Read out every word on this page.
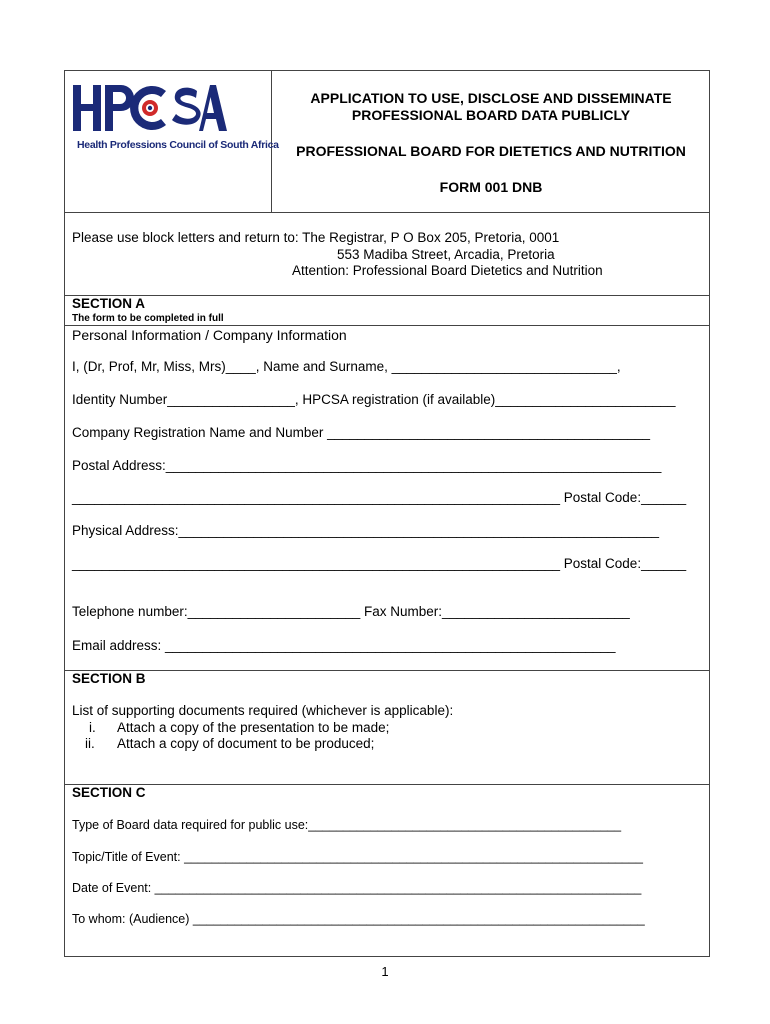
Health Professions Council of South Africa
APPLICATION TO USE, DISCLOSE AND DISSEMINATE
PROFESSIONAL BOARD DATA PUBLICLY
PROFESSIONAL BOARD FOR DIETETICS AND NUTRITION
FORM 001 DNB
Please use block letters and return to: The Registrar, P O Box 205, Pretoria, 0001
553 Madiba Street, Arcadia, Pretoria
Attention: Professional Board Dietetics and Nutrition
SECTION A
The form to be completed in full
Personal Information / Company Information
I, (Dr, Prof, Mr, Miss, Mrs)____, Name and Surname, ______________________________,
Identity Number_________________, HPCSA registration (if available)________________________
Company Registration Name and Number ___________________________________________
Postal Address:__________________________________________________________________
_________________________________________________________________ Postal Code:______
Physical Address:________________________________________________________________
_________________________________________________________________ Postal Code:______
Telephone number:_______________________ Fax Number:_________________________
Email address: ____________________________________________________________
SECTION B
List of supporting documents required (whichever is applicable):
i. Attach a copy of the presentation to be made;
ii. Attach a copy of document to be produced;
SECTION C
Type of Board data required for public use:_____________________________________________
Topic/Title of Event: __________________________________________________________________
Date of Event: ______________________________________________________________________
To whom: (Audience) _________________________________________________________________
1
